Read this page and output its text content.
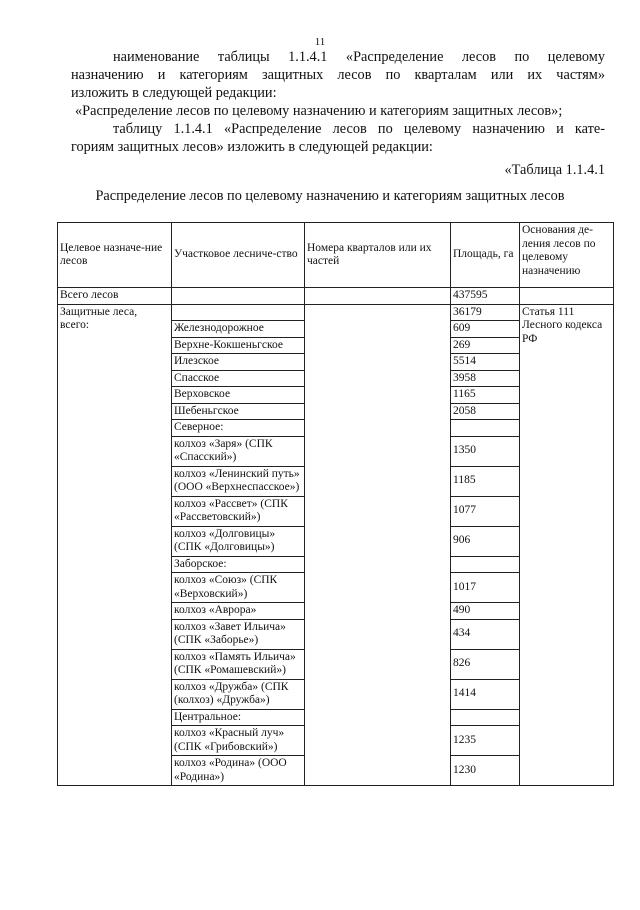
11

наименование таблицы 1.1.4.1 «Распределение лесов по целевому

назначению и категориям защитных лесов по кварталам или их частям»

изложить в следующей редакции:

«Распределение лесов по целевому назначению и категориям защитных лесов»;

таблицу 1.1.4.1 «Распределение лесов по целевому назначению и кате-

гориям защитных лесов» изложить в следующей редакции:

«Таблица 1.1.4.1

Распределение лесов по целевому назначению и категориям защитных лесов
Целевое назначе-ние лесов	Участковое лесниче-ство	Номера кварталов или их частей	Площадь, га	Основания де-ления лесов по целевому назначению
Всего лесов			437595	
Защитные леса, всего:			36179	Статья 111 Лесного кодекса РФ
	Железнодорожное		609	
	Верхне-Кокшеньгское		269	
	Илезское		5514	
	Спасское		3958	
	Верховское		1165	
	Шебеньгское		2058	
	Северное:			
	колхоз «Заря» (СПК «Спасский»)		1350	
	колхоз «Ленинский путь» (ООО «Верхнеспасское»)		1185	
	колхоз «Рассвет» (СПК «Рассветовский»)		1077	
	колхоз «Долговицы» (СПК «Долговицы»)		906	
	Заборское:			
	колхоз «Союз» (СПК «Верховский»)		1017	
	колхоз «Аврора»		490	
	колхоз «Завет Ильича» (СПК «Заборье»)		434	
	колхоз «Память Ильича» (СПК «Ромашевский»)		826	
	колхоз «Дружба» (СПК (колхоз) «Дружба»)		1414	
	Центральное:			
	колхоз «Красный луч» (СПК «Грибовский»)		1235	
	колхоз «Родина» (ООО «Родина»)		1230	
